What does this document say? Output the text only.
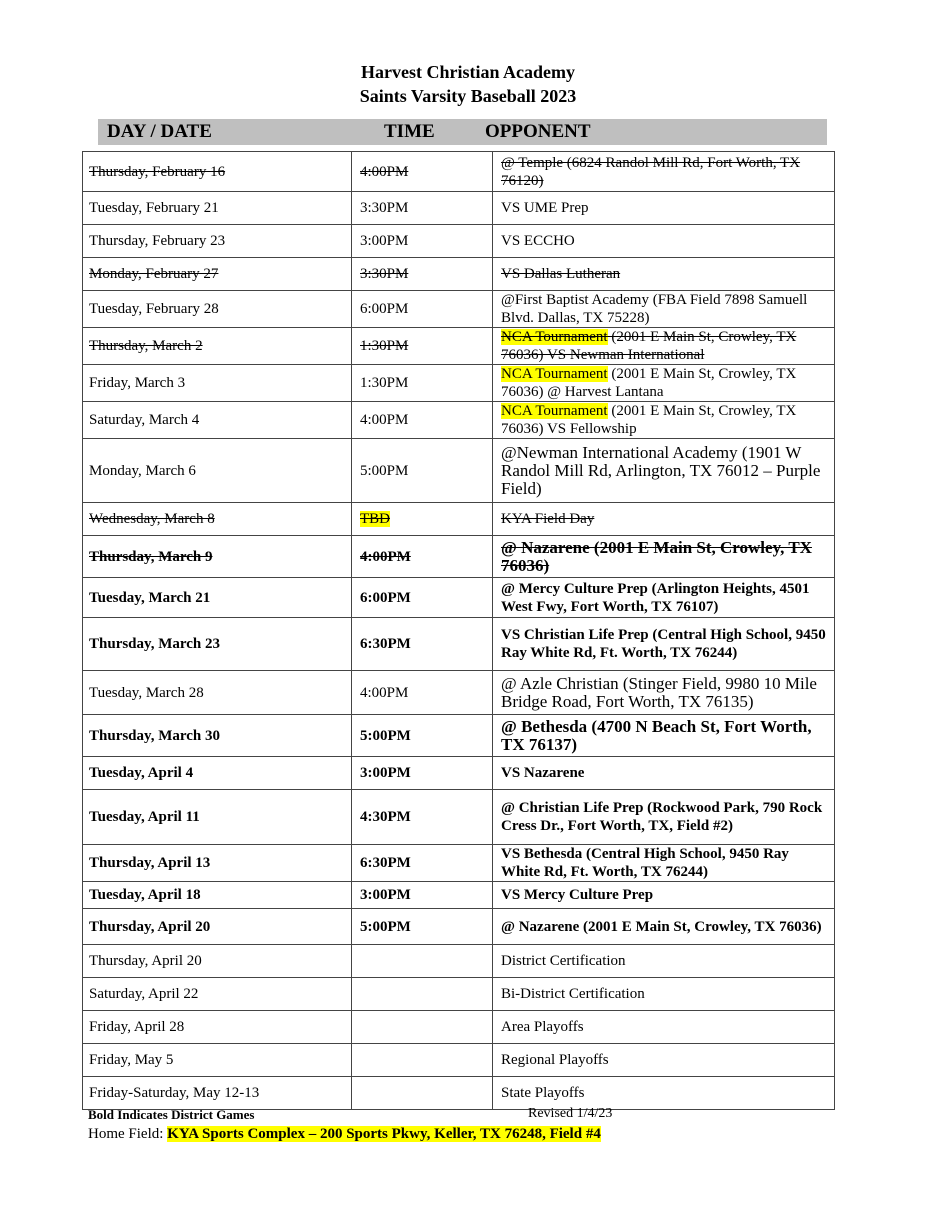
Harvest Christian Academy
Saints Varsity Baseball 2023
DAY / DATE	TIME	OPPONENT
Thursday, February 16	4:00PM	@ Temple (6824 Randol Mill Rd, Fort Worth, TX 76120)
Tuesday, February 21	3:30PM	VS UME Prep
Thursday, February 23	3:00PM	VS ECCHO
Monday, February 27	3:30PM	VS Dallas Lutheran
Tuesday, February 28	6:00PM	@First Baptist Academy (FBA Field 7898 Samuell Blvd. Dallas, TX 75228)
Thursday, March 2	1:30PM	NCA Tournament (2001 E Main St, Crowley, TX 76036) VS Newman International
Friday, March 3	1:30PM	NCA Tournament (2001 E Main St, Crowley, TX 76036) @ Harvest Lantana
Saturday, March 4	4:00PM	NCA Tournament (2001 E Main St, Crowley, TX 76036) VS Fellowship
Monday, March 6	5:00PM	@Newman International Academy (1901 W Randol Mill Rd, Arlington, TX 76012 – Purple Field)
Wednesday, March 8	TBD	KYA Field Day
Thursday, March 9	4:00PM	@ Nazarene (2001 E Main St, Crowley, TX 76036)
Tuesday, March 21	6:00PM	@ Mercy Culture Prep (Arlington Heights, 4501 West Fwy, Fort Worth, TX 76107)
Thursday, March 23	6:30PM	VS Christian Life Prep (Central High School, 9450 Ray White Rd, Ft. Worth, TX 76244)
Tuesday, March 28	4:00PM	@ Azle Christian (Stinger Field, 9980 10 Mile Bridge Road, Fort Worth, TX 76135)
Thursday, March 30	5:00PM	@ Bethesda (4700 N Beach St, Fort Worth, TX 76137)
Tuesday, April 4	3:00PM	VS Nazarene
Tuesday, April 11	4:30PM	@ Christian Life Prep (Rockwood Park, 790 Rock Cress Dr., Fort Worth, TX, Field #2)
Thursday, April 13	6:30PM	VS Bethesda (Central High School, 9450 Ray White Rd, Ft. Worth, TX 76244)
Tuesday, April 18	3:00PM	VS Mercy Culture Prep
Thursday, April 20	5:00PM	@ Nazarene (2001 E Main St, Crowley, TX 76036)
Thursday, April 20		District Certification
Saturday, April 22		Bi-District Certification
Friday, April 28		Area Playoffs
Friday, May 5		Regional Playoffs
Friday-Saturday, May 12-13		State Playoffs
Bold Indicates District Games	Revised 1/4/23
Home Field: KYA Sports Complex – 200 Sports Pkwy, Keller, TX 76248, Field #4
